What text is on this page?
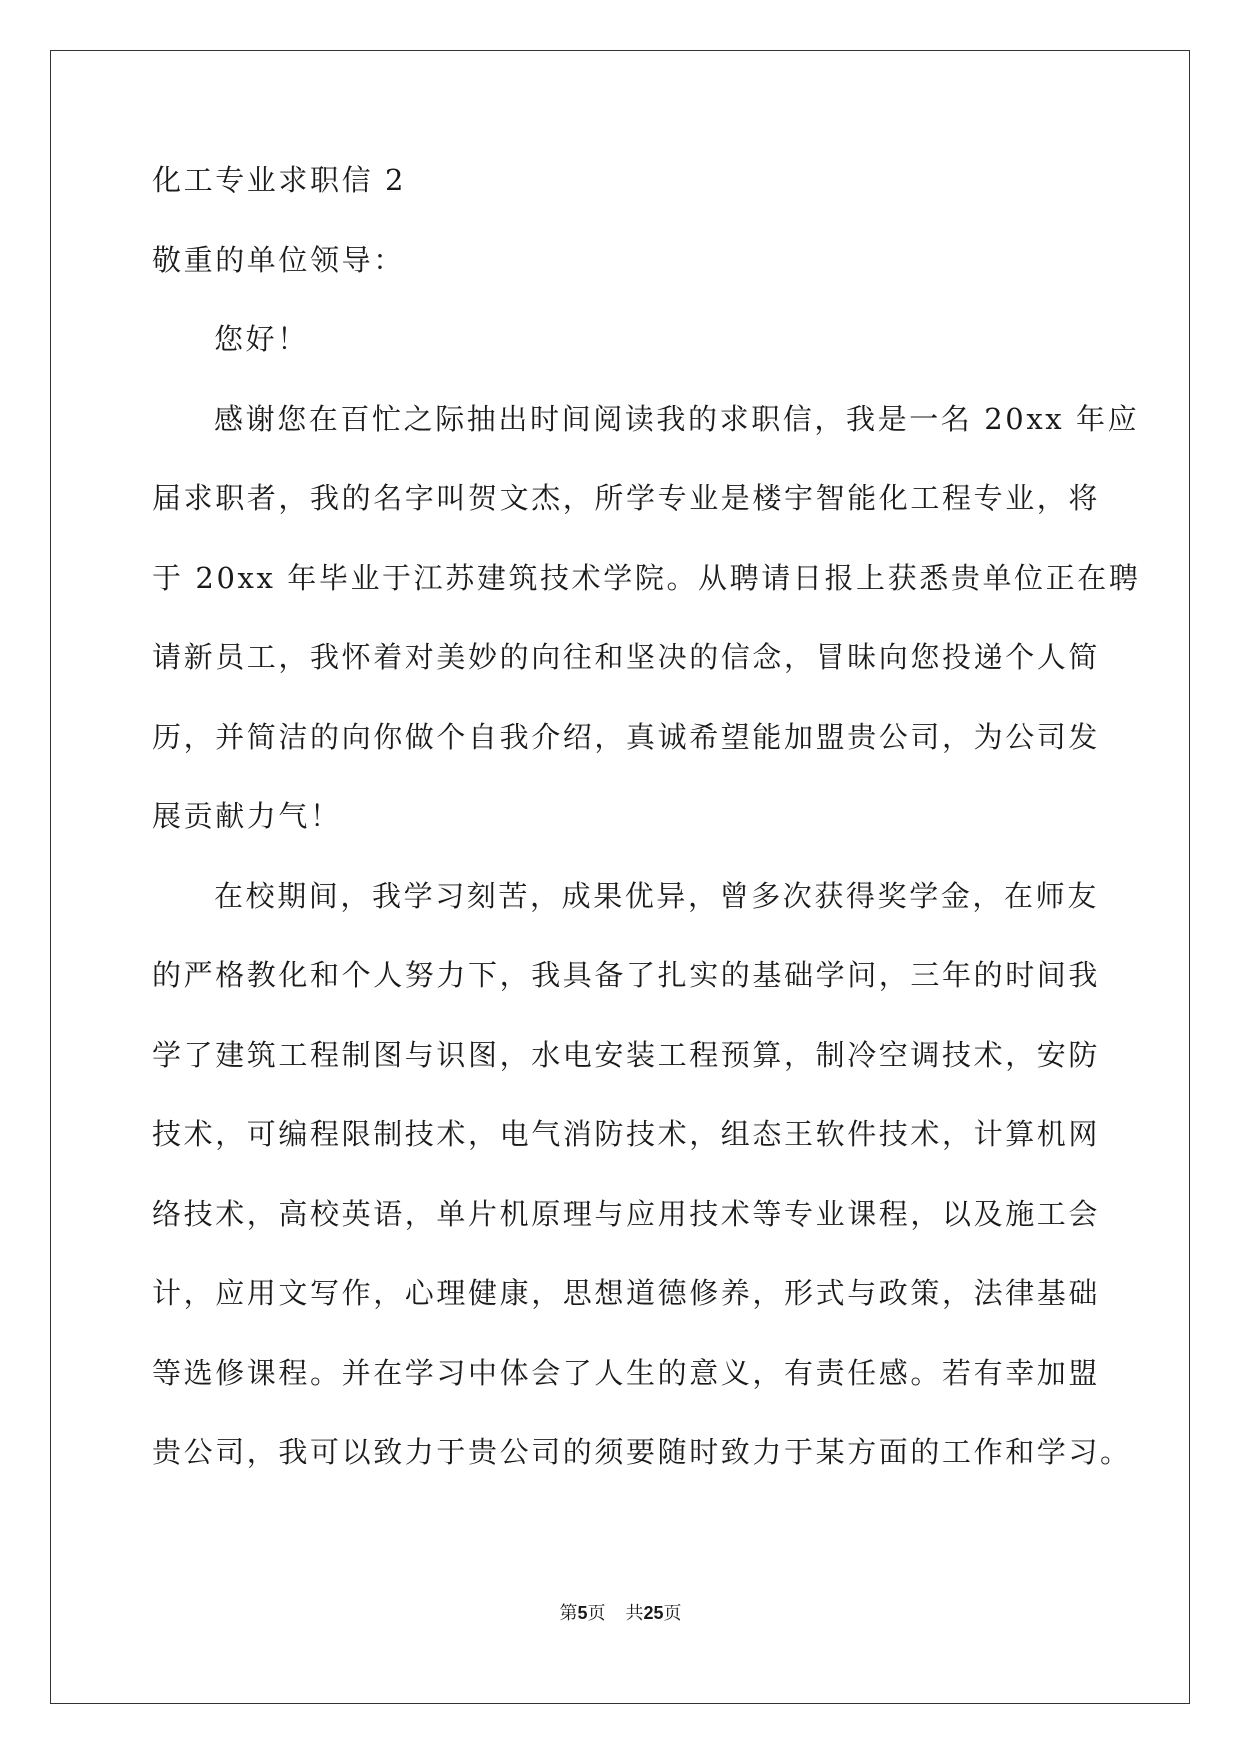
化工专业求职信 2
敬重的单位领导：
您好！
感谢您在百忙之际抽出时间阅读我的求职信，我是一名 20xx 年应
届求职者，我的名字叫贺文杰，所学专业是楼宇智能化工程专业，将
于 20xx 年毕业于江苏建筑技术学院。从聘请日报上获悉贵单位正在聘
请新员工，我怀着对美妙的向往和坚决的信念，冒昧向您投递个人简
历，并简洁的向你做个自我介绍，真诚希望能加盟贵公司，为公司发
展贡献力气！
在校期间，我学习刻苦，成果优异，曾多次获得奖学金，在师友
的严格教化和个人努力下，我具备了扎实的基础学问，三年的时间我
学了建筑工程制图与识图，水电安装工程预算，制冷空调技术，安防
技术，可编程限制技术，电气消防技术，组态王软件技术，计算机网
络技术，高校英语，单片机原理与应用技术等专业课程，以及施工会
计，应用文写作，心理健康，思想道德修养，形式与政策，法律基础
等选修课程。并在学习中体会了人生的意义，有责任感。若有幸加盟
贵公司，我可以致力于贵公司的须要随时致力于某方面的工作和学习。
第5页 共25页
